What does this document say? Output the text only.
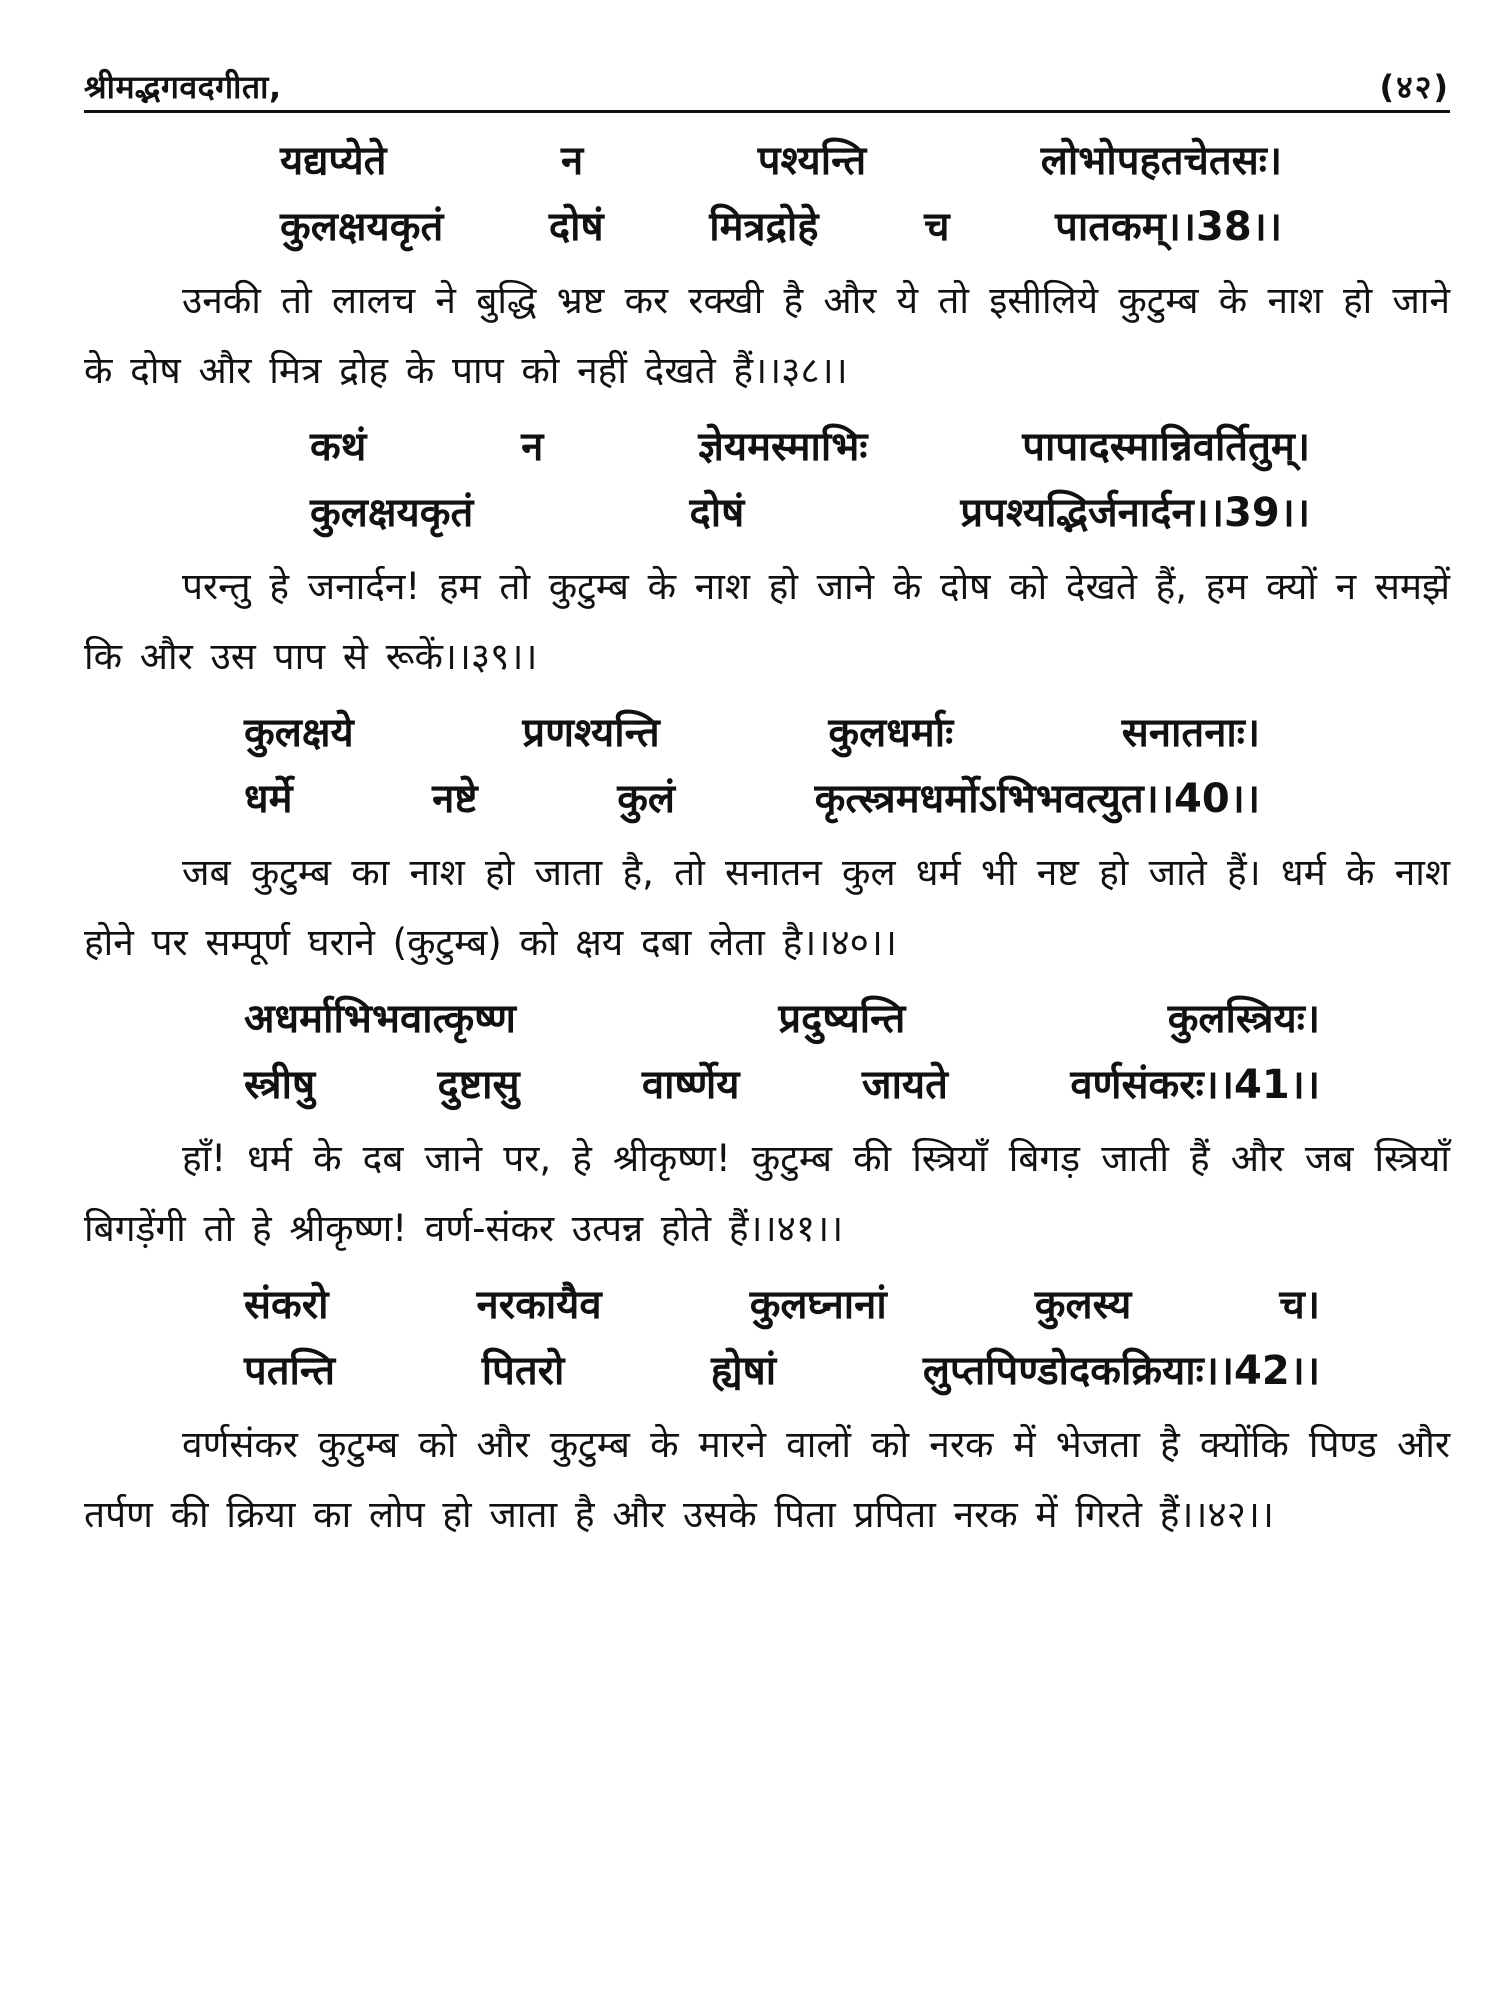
श्रीमद्भगवदगीता,	(४२)
यद्यप्येते न पश्यन्ति लोभोपहतचेतसः।
कुलक्षयकृतं दोषं मित्रद्रोहे च पातकम्।।38।।

उनकी तो लालच ने बुद्धि भ्रष्ट कर रक्खी है और ये तो इसीलिये कुटुम्ब के नाश हो जाने के दोष और मित्र द्रोह के पाप को नहीं देखते हैं।।३८।।

कथं न ज्ञेयमस्माभिः पापादस्मान्निवर्तितुम्।
कुलक्षयकृतं दोषं प्रपश्यद्भिर्जनार्दन।।39।।

परन्तु हे जनार्दन! हम तो कुटुम्ब के नाश हो जाने के दोष को देखते हैं, हम क्यों न समझें कि और उस पाप से रूकें।।३९।।

कुलक्षये प्रणश्यन्ति कुलधर्माः सनातनाः।
धर्मे नष्टे कुलं कृत्स्त्रमधर्मोऽभिभवत्युत।।40।।

जब कुटुम्ब का नाश हो जाता है, तो सनातन कुल धर्म भी नष्ट हो जाते हैं। धर्म के नाश होने पर सम्पूर्ण घराने (कुटुम्ब) को क्षय दबा लेता है।।४०।।

अधर्माभिभवात्कृष्ण प्रदुष्यन्ति कुलस्त्रियः।
स्त्रीषु दुष्टासु वार्ष्णेय जायते वर्णसंकरः।।41।।

हाँ! धर्म के दब जाने पर, हे श्रीकृष्ण! कुटुम्ब की स्त्रियाँ बिगड़ जाती हैं और जब स्त्रियाँ बिगड़ेंगी तो हे श्रीकृष्ण! वर्ण-संकर उत्पन्न होते हैं।।४१।।

संकरो नरकायैव कुलघ्नानां कुलस्य च।
पतन्ति पितरो ह्येषां लुप्तपिण्डोदकक्रियाः।।42।।

वर्णसंकर कुटुम्ब को और कुटुम्ब के मारने वालों को नरक में भेजता है क्योंकि पिण्ड और तर्पण की क्रिया का लोप हो जाता है और उसके पिता प्रपिता नरक में गिरते हैं।।४२।।
